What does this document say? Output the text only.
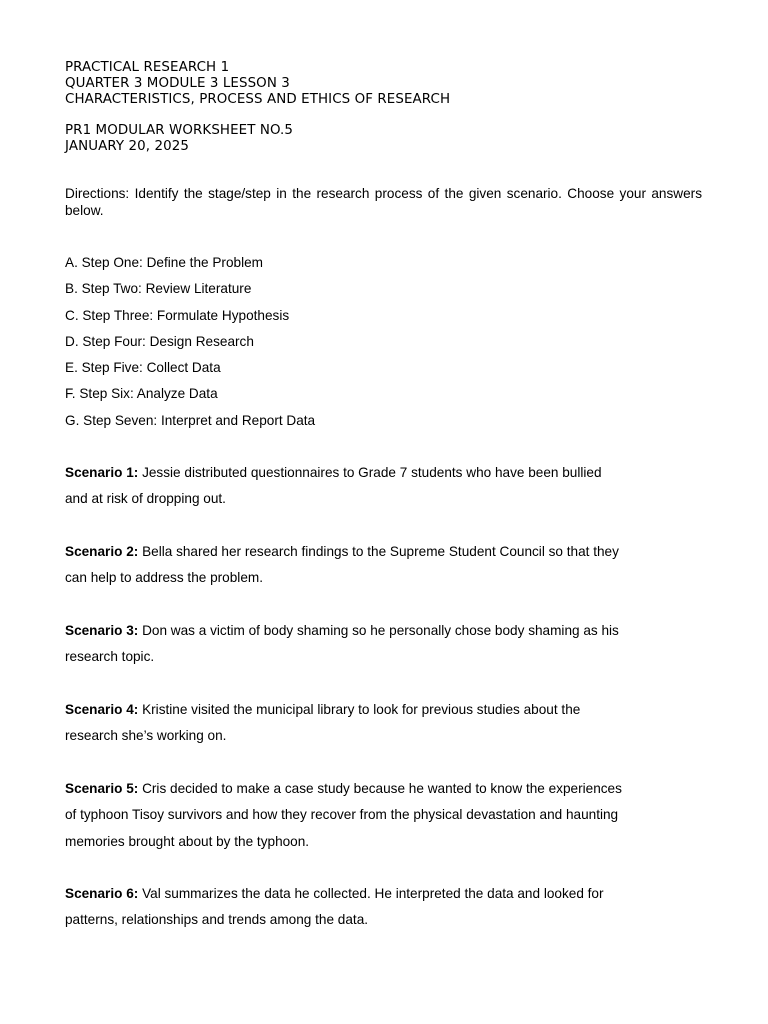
PRACTICAL RESEARCH 1
QUARTER 3 MODULE 3 LESSON 3
CHARACTERISTICS, PROCESS AND ETHICS OF RESEARCH
PR1 MODULAR WORKSHEET NO.5
JANUARY 20, 2025
Directions: Identify the stage/step in the research process of the given scenario. Choose your answers below.
A. Step One: Define the Problem
B. Step Two: Review Literature
C. Step Three: Formulate Hypothesis
D. Step Four: Design Research
E. Step Five: Collect Data
F. Step Six: Analyze Data
G. Step Seven: Interpret and Report Data
Scenario 1: Jessie distributed questionnaires to Grade 7 students who have been bullied
and at risk of dropping out.
Scenario 2: Bella shared her research findings to the Supreme Student Council so that they
can help to address the problem.
Scenario 3: Don was a victim of body shaming so he personally chose body shaming as his
research topic.
Scenario 4: Kristine visited the municipal library to look for previous studies about the
research she’s working on.
Scenario 5: Cris decided to make a case study because he wanted to know the experiences
of typhoon Tisoy survivors and how they recover from the physical devastation and haunting
memories brought about by the typhoon.
Scenario 6: Val summarizes the data he collected. He interpreted the data and looked for
patterns, relationships and trends among the data.
